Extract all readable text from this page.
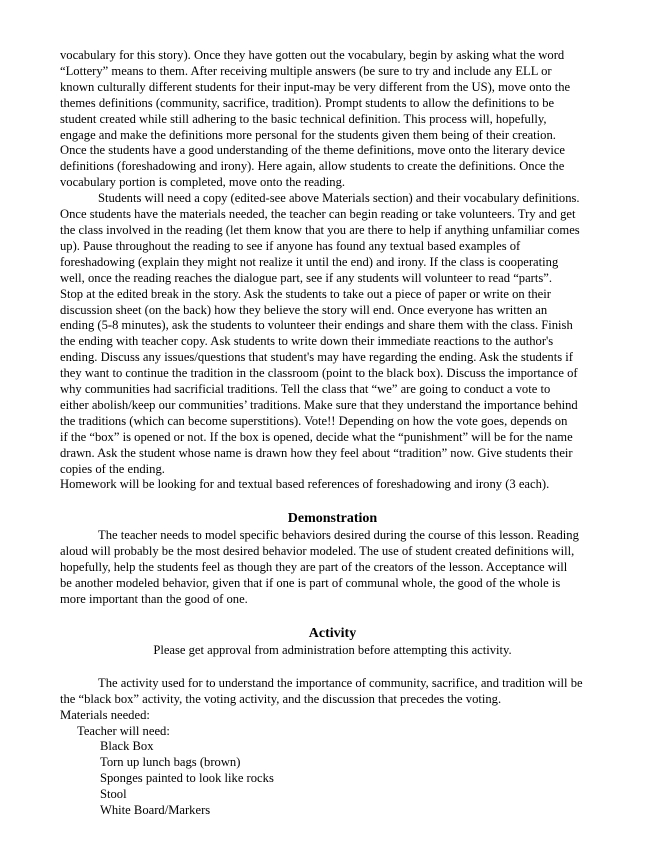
vocabulary for this story). Once they have gotten out the vocabulary, begin by asking what the word
“Lottery” means to them. After receiving multiple answers (be sure to try and include any ELL or
known culturally different students for their input-may be very different from the US), move onto the
themes definitions (community, sacrifice, tradition). Prompt students to allow the definitions to be
student created while still adhering to the basic technical definition. This process will, hopefully,
engage and make the definitions more personal for the students given them being of their creation.
Once the students have a good understanding of the theme definitions, move onto the literary device
definitions (foreshadowing and irony). Here again, allow students to create the definitions. Once the
vocabulary portion is completed, move onto the reading.
Students will need a copy (edited-see above Materials section) and their vocabulary definitions.
Once students have the materials needed, the teacher can begin reading or take volunteers. Try and get
the class involved in the reading (let them know that you are there to help if anything unfamiliar comes
up). Pause throughout the reading to see if anyone has found any textual based examples of
foreshadowing (explain they might not realize it until the end) and irony. If the class is cooperating
well, once the reading reaches the dialogue part, see if any students will volunteer to read “parts”.
Stop at the edited break in the story. Ask the students to take out a piece of paper or write on their
discussion sheet (on the back) how they believe the story will end. Once everyone has written an
ending (5-8 minutes), ask the students to volunteer their endings and share them with the class. Finish
the ending with teacher copy. Ask students to write down their immediate reactions to the author's
ending. Discuss any issues/questions that student's may have regarding the ending. Ask the students if
they want to continue the tradition in the classroom (point to the black box). Discuss the importance of
why communities had sacrificial traditions. Tell the class that “we” are going to conduct a vote to
either abolish/keep our communities’ traditions. Make sure that they understand the importance behind
the traditions (which can become superstitions). Vote!! Depending on how the vote goes, depends on
if the “box” is opened or not. If the box is opened, decide what the “punishment” will be for the name
drawn. Ask the student whose name is drawn how they feel about “tradition” now. Give students their
copies of the ending.
Homework will be looking for and textual based references of foreshadowing and irony (3 each).
Demonstration
The teacher needs to model specific behaviors desired during the course of this lesson. Reading
aloud will probably be the most desired behavior modeled. The use of student created definitions will,
hopefully, help the students feel as though they are part of the creators of the lesson. Acceptance will
be another modeled behavior, given that if one is part of communal whole, the good of the whole is
more important than the good of one.
Activity
Please get approval from administration before attempting this activity.
The activity used for to understand the importance of community, sacrifice, and tradition will be
the “black box” activity, the voting activity, and the discussion that precedes the voting.
Materials needed:
Teacher will need:
Black Box
Torn up lunch bags (brown)
Sponges painted to look like rocks
Stool
White Board/Markers
